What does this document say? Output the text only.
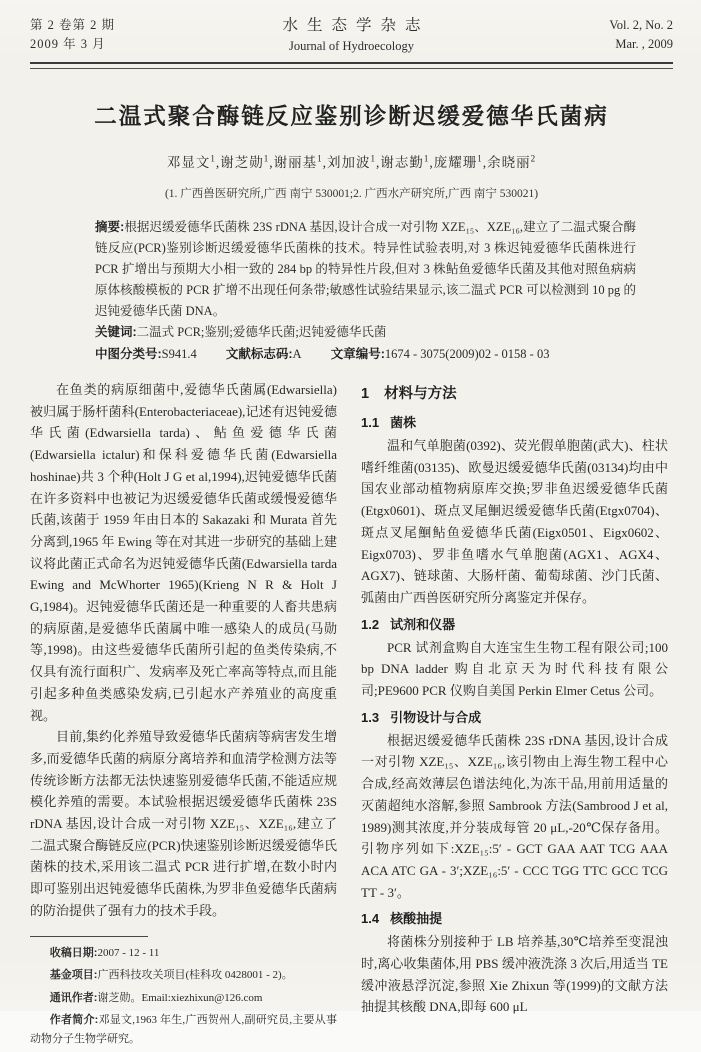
第 2 卷第 2 期
2009 年 3 月
水生态学杂志
Journal of Hydroecology
Vol. 2, No. 2
Mar. , 2009
二温式聚合酶链反应鉴别诊断迟缓爱德华氏菌病
邓显文$^1$,谢芝勋$^1$,谢丽基$^1$,刘加波$^1$,谢志勤$^1$,庞耀珊$^1$,余晓丽$^2$
(1. 广西兽医研究所,广西 南宁 530001;2. 广西水产研究所,广西 南宁 530021)

摘要:根据迟缓爱德华氏菌株 23S rDNA 基因,设计合成一对引物 XZE₁₅、XZE₁₆,建立了二温式聚合酶链反应(PCR)鉴别诊断迟缓爱德华氏菌株的技术。特异性试验表明,对 3 株迟钝爱德华氏菌株进行 PCR 扩增出与预期大小相一致的 284 bp 的特异性片段,但对 3 株鲇鱼爱德华氏菌及其他对照鱼病病原体核酸模板的 PCR 扩增不出现任何条带;敏感性试验结果显示,该二温式 PCR 可以检测到 10 pg 的迟钝爱德华氏菌 DNA。

关键词:二温式 PCR;鉴别;爱德华氏菌;迟钝爱德华氏菌

中图分类号:S941.4 文献标志码:A 文章编号:1674 - 3075(2009)02 - 0158 - 03

在鱼类的病原细菌中,爱德华氏菌属(Edwarsiella)被归属于肠杆菌科(Enterobacteriaceae),记述有迟钝爱德华氏菌(Edwarsiella tarda)、鲇鱼爱德华氏菌(Edwarsiella ictalur)和保科爱德华氏菌(Edwarsiella hoshinae)共 3 个种(Holt J G et al,1994),迟钝爱德华氏菌在许多资料中也被记为迟缓爱德华氏菌或缓慢爱德华氏菌,该菌于 1959 年由日本的 Sakazaki 和 Murata 首先分离到,1965 年 Ewing 等在对其进一步研究的基础上建议将此菌正式命名为迟钝爱德华氏菌(Edwarsiella tarda Ewing and McWhorter 1965)(Krieng N R & Holt J G,1984)。迟钝爱德华氏菌还是一种重要的人畜共患病的病原菌,是爱德华氏菌属中唯一感染人的成员(马勋等,1998)。由这些爱德华氏菌所引起的鱼类传染病,不仅具有流行面积广、发病率及死亡率高等特点,而且能引起多种鱼类感染发病,已引起水产养殖业的高度重视。

目前,集约化养殖导致爱德华氏菌病等病害发生增多,而爱德华氏菌的病原分离培养和血清学检测方法等传统诊断方法都无法快速鉴别爱德华氏菌,不能适应规模化养殖的需要。本试验根据迟缓爱德华氏菌株 23S rDNA 基因,设计合成一对引物 XZE₁₅、XZE₁₆,建立了二温式聚合酶链反应(PCR)快速鉴别诊断迟缓爱德华氏菌株的技术,采用该二温式 PCR 进行扩增,在数小时内即可鉴别出迟钝爱德华氏菌株,为罗非鱼爱德华氏菌病的防治提供了强有力的技术手段。

收稿日期:2007 - 12 - 11

基金项目:广西科技攻关项目(桂科攻 0428001 - 2)。

通讯作者:谢芝勋。Email:xiezhixun@126.com

作者简介:邓显文,1963 年生,广西贺州人,副研究员,主要从事动物分子生物学研究。

1 材料与方法
1.1 菌株

温和气单胞菌(0392)、荧光假单胞菌(武大)、柱状嗜纤维菌(03135)、欧曼迟缓爱德华氏菌(03134)均由中国农业部动植物病原库交换;罗非鱼迟缓爱德华氏菌(Etgx0601)、斑点叉尾鮰迟缓爱德华氏菌(Etgx0704)、斑点叉尾鮰鲇鱼爱德华氏菌(Eigx0501、Eigx0602、Eigx0703)、罗非鱼嗜水气单胞菌(AGX1、AGX4、AGX7)、链球菌、大肠杆菌、葡萄球菌、沙门氏菌、弧菌由广西兽医研究所分离鉴定并保存。

1.2 试剂和仪器

PCR 试剂盒购自大连宝生生物工程有限公司;100 bp DNA ladder 购自北京天为时代科技有限公司;PE9600 PCR 仪购自美国 Perkin Elmer Cetus 公司。

1.3 引物设计与合成

根据迟缓爱德华氏菌株 23S rDNA 基因,设计合成一对引物 XZE₁₅、XZE₁₆,该引物由上海生物工程中心合成,经高效薄层色谱法纯化,为冻干品,用前用适量的灭菌超纯水溶解,参照 Sambrook 方法(Sambrood J et al, 1989)测其浓度,并分装成每管 20 μL,-20℃保存备用。引物序列如下:XZE₁₅:5′ - GCT GAA AAT TCG AAA ACA ATC GA - 3′;XZE₁₆:5′ - CCC TGG TTC GCC TCG TT - 3′。

1.4 核酸抽提

将菌株分别接种于 LB 培养基,30℃培养至变混浊时,离心收集菌体,用 PBS 缓冲液洗涤 3 次后,用适当 TE 缓冲液悬浮沉淀,参照 Xie Zhixun 等(1999)的文献方法抽提其核酸 DNA,即每 600 μL
